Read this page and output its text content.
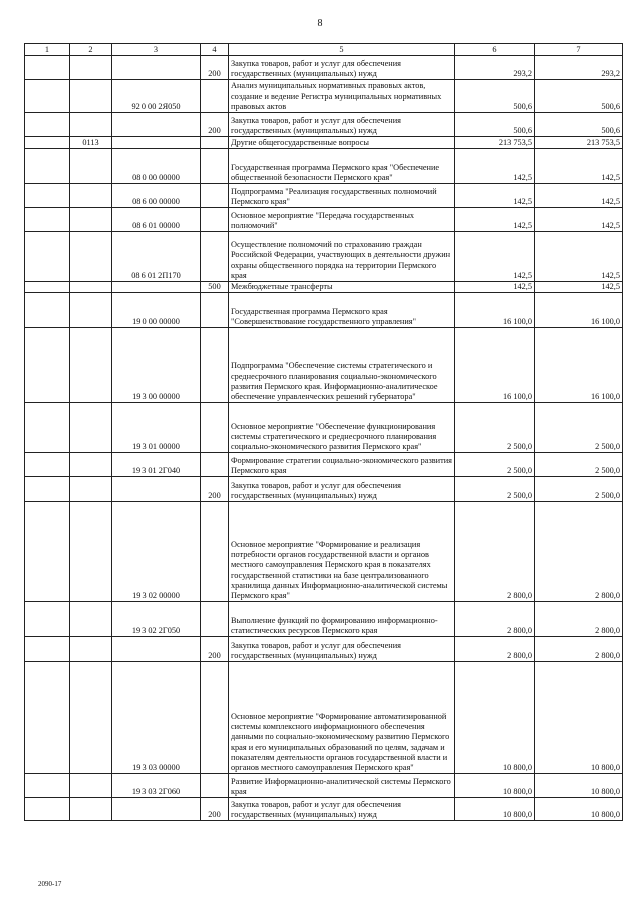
8
1	2	3	4	5	6	7
			200	Закупка товаров, работ и услуг для обеспечения государственных (муниципальных) нужд	293,2	293,2
		92 0 00 2Я050		Анализ муниципальных нормативных правовых актов, создание и ведение Регистра муниципальных нормативных правовых актов	500,6	500,6
			200	Закупка товаров, работ и услуг для обеспечения государственных (муниципальных) нужд	500,6	500,6
	0113			Другие общегосударственные вопросы	213 753,5	213 753,5
		08 0 00 00000		Государственная программа Пермского края "Обеспечение общественной безопасности Пермского края"	142,5	142,5
		08 6 00 00000		Подпрограмма "Реализация государственных полномочий Пермского края"	142,5	142,5
		08 6 01 00000		Основное мероприятие "Передача государственных полномочий"	142,5	142,5
		08 6 01 2П170		Осуществление полномочий по страхованию граждан Российской Федерации, участвующих в деятельности дружин охраны общественного порядка на территории Пермского края	142,5	142,5
			500	Межбюджетные трансферты	142,5	142,5
		19 0 00 00000		Государственная программа Пермского края "Совершенствование государственного управления"	16 100,0	16 100,0
		19 3 00 00000		Подпрограмма "Обеспечение системы стратегического и среднесрочного планирования социально-экономического развития Пермского края. Информационно-аналитическое обеспечение управленческих решений губернатора"	16 100,0	16 100,0
		19 3 01 00000		Основное мероприятие "Обеспечение функционирования системы стратегического и среднесрочного планирования социально-экономического развития Пермского края"	2 500,0	2 500,0
		19 3 01 2Г040		Формирование стратегии социально-экономического развития Пермского края	2 500,0	2 500,0
			200	Закупка товаров, работ и услуг для обеспечения государственных (муниципальных) нужд	2 500,0	2 500,0
		19 3 02 00000		Основное мероприятие "Формирование и реализация потребности органов государственной власти и органов местного самоуправления Пермского края в показателях государственной статистики на базе централизованного хранилища данных Информационно-аналитической системы Пермского края"	2 800,0	2 800,0
		19 3 02 2Г050		Выполнение функций по формированию информационно-статистических ресурсов Пермского края	2 800,0	2 800,0
			200	Закупка товаров, работ и услуг для обеспечения государственных (муниципальных) нужд	2 800,0	2 800,0
		19 3 03 00000		Основное мероприятие "Формирование автоматизированной системы комплексного информационного обеспечения данными по социально-экономическому развитию Пермского края и его муниципальных образований по целям, задачам и показателям деятельности органов государственной власти и органов местного самоуправления Пермского края"	10 800,0	10 800,0
		19 3 03 2Г060		Развитие Информационно-аналитической системы Пермского края	10 800,0	10 800,0
			200	Закупка товаров, работ и услуг для обеспечения государственных (муниципальных) нужд	10 800,0	10 800,0
2090-17
